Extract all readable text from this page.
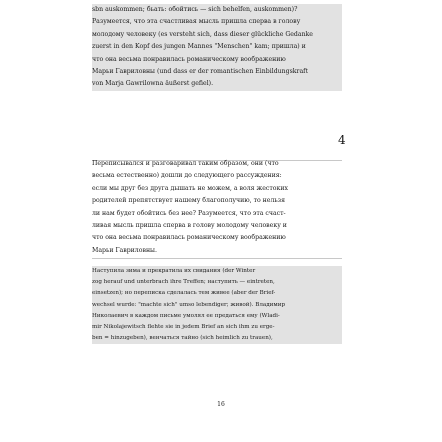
sbn auskommen; бьать: обойтись — sich behelfen, auskommen)?
Разумеется, что эта счастливая мысль пришла сперва в голову
молодому человеку (es versteht sich, dass dieser glückliche Gedanke
zuerst in den Kopf des jungen Mannes "Menschen" kam; пришла) и
что она весьма понравилась романическому воображению
Марьи Гавриловны (und dass er der romantischen Einbildungskraft
von Marja Gawrilowna äußerst gefiel).
4
Переписывался и разговаривал таким образом, они (что
весьма естественно) дошли до следующего рассуждения:
если мы друг без друга дышать не можем, а воля жестоких
родителей препятствует нашему благополучию, то нельзя
ли нам будет обойтись без нее? Разумеется, что эта счаст-
ливая мысль пришла сперва в голову молодому человеку и
что она весьма понравилась романическому воображению
Марьи Гавриловны.
Наступила зима и прекратила их свидания (der Winter
zog herauf und unterbrach ihre Treffen; наступить — eintreten,
einsetzen); но переписка сделалась тем живее (aber der Brief-
wechsel wurde: "machte sich" umso lebendiger; живой). Владимир
Николаевич в каждом письме умолял ее предаться ему (Wladi-
mir Nikolajewitsch flehte sie in jedem Brief an sich ihm zu erge-
ben = hinzugeben), венчаться тайно (sich heimlich zu trauen),
16
